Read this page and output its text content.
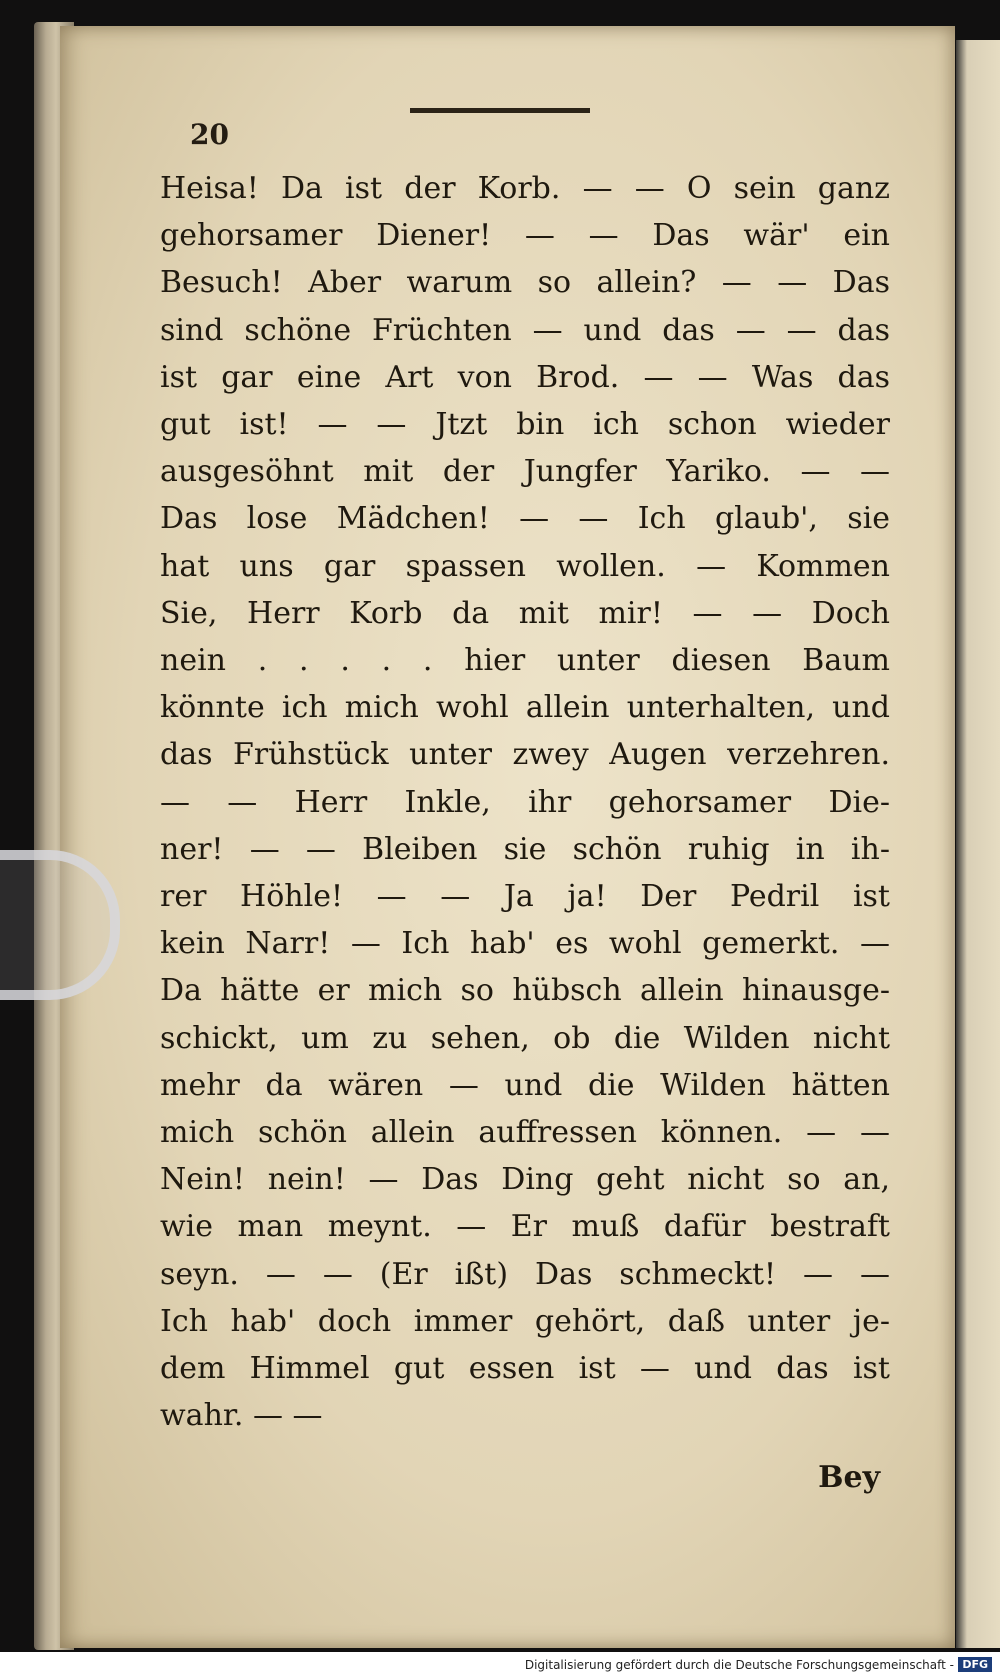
20
Heisa! Da ist der Korb. — — O sein ganz
gehorsamer Diener! — — Das wär' ein
Besuch! Aber warum so allein? — — Das
sind schöne Früchten — und das — — das
ist gar eine Art von Brod. — — Was das
gut ist! — — Jtzt bin ich schon wieder
ausgesöhnt mit der Jungfer Yariko. — —
Das lose Mädchen! — — Ich glaub', sie
hat uns gar spassen wollen. — Kommen
Sie, Herr Korb da mit mir! — — Doch
nein . . . . . hier unter diesen Baum
könnte ich mich wohl allein unterhalten, und
das Frühstück unter zwey Augen verzehren.
— — Herr Inkle, ihr gehorsamer Die-
ner! — — Bleiben sie schön ruhig in ih-
rer Höhle! — — Ja ja! Der Pedril ist
kein Narr! — Ich hab' es wohl gemerkt. —
Da hätte er mich so hübsch allein hinausge-
schickt, um zu sehen, ob die Wilden nicht
mehr da wären — und die Wilden hätten
mich schön allein auffressen können. — —
Nein! nein! — Das Ding geht nicht so an,
wie man meynt. — Er muß dafür bestraft
seyn. — — (Er ißt) Das schmeckt! — —
Ich hab' doch immer gehört, daß unter je-
dem Himmel gut essen ist — und das ist
wahr. — —
Bey
Digitalisierung gefördert durch die Deutsche Forschungsgemeinschaft - DFG
